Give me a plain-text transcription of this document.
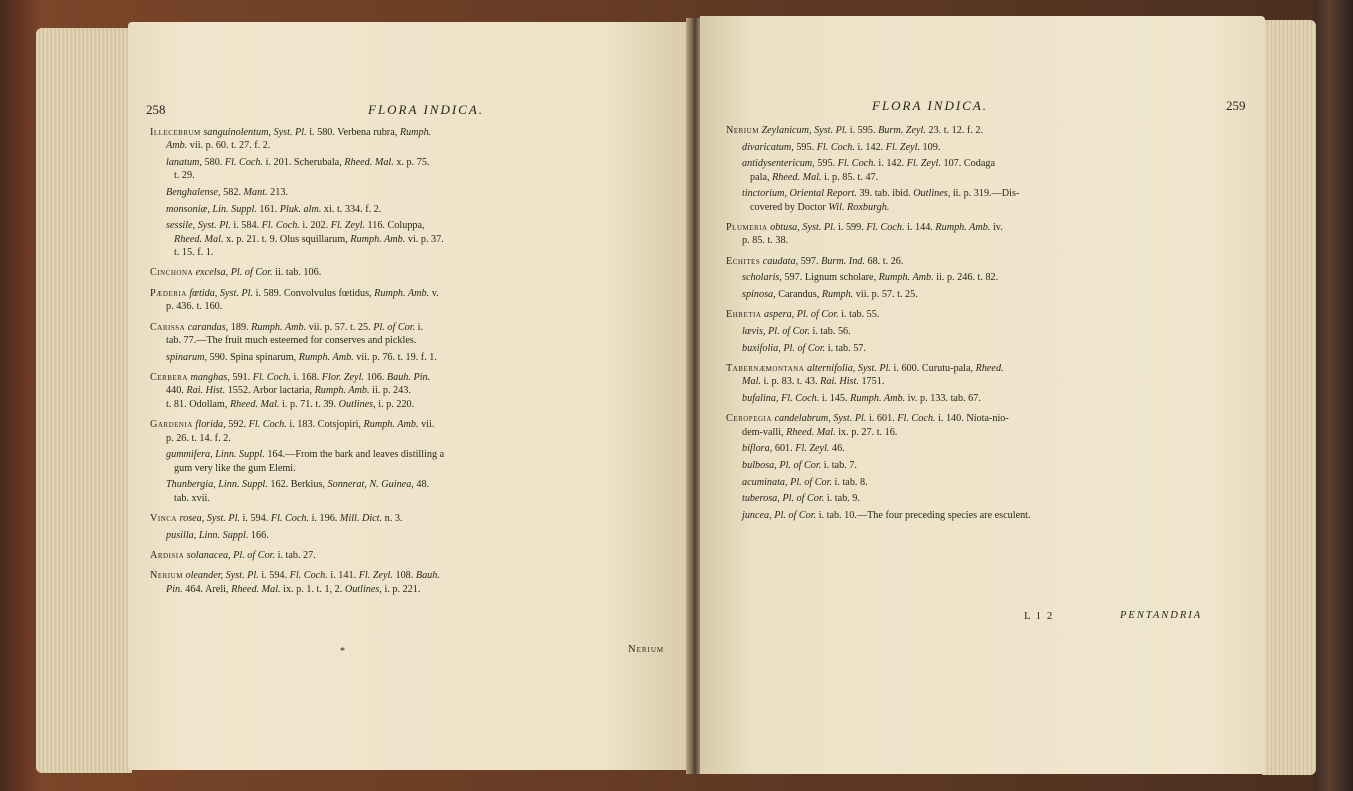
258	FLORA INDICA.
Illecebrum sanguinolentum, Syst. Pl. i. 580. Verbena rubra, Rumph.
Amb. vii. p. 60. t. 27. f. 2.
lanatum, 580. Fl. Coch. i. 201. Scherubala, Rheed. Mal. x. p. 75.
t. 29.
Benghalense, 582. Mant. 213.
monsoniæ, Lin. Suppl. 161. Pluk. alm. xi. t. 334. f. 2.
sessile, Syst. Pl. i. 584. Fl. Coch. i. 202. Fl. Zeyl. 116. Coluppa,
Rheed. Mal. x. p. 21. t. 9. Olus squillarum, Rumph. Amb. vi. p. 37.
t. 15. f. 1.
Cinchona excelsa, Pl. of Cor. ii. tab. 106.
Pæderia fœtida, Syst. Pl. i. 589. Convolvulus fœtidus, Rumph. Amb. v.
p. 436. t. 160.
Carissa carandas, 189. Rumph. Amb. vii. p. 57. t. 25. Pl. of Cor. i.
tab. 77.—The fruit much esteemed for conserves and pickles.
spinarum, 590. Spina spinarum, Rumph. Amb. vii. p. 76. t. 19. f. 1.
Cerbera manghas, 591. Fl. Coch. i. 168. Flor. Zeyl. 106. Bauh. Pin.
440. Rai. Hist. 1552. Arbor lactaria, Rumph. Amb. ii. p. 243.
t. 81. Odollam, Rheed. Mal. i. p. 71. t. 39. Outlines, i. p. 220.
Gardenia florida, 592. Fl. Coch. i. 183. Cotsjopiri, Rumph. Amb. vii.
p. 26. t. 14. f. 2.
gummifera, Linn. Suppl. 164.—From the bark and leaves distilling a
gum very like the gum Elemi.
Thunbergia, Linn. Suppl. 162. Berkius, Sonnerat, N. Guinea, 48.
tab. xvii.
Vinca rosea, Syst. Pl. i. 594. Fl. Coch. i. 196. Mill. Dict. n. 3.
pusilla, Linn. Suppl. 166.
Ardisia solanacea, Pl. of Cor. i. tab. 27.
Nerium oleander, Syst. Pl. i. 594. Fl. Coch. i. 141. Fl. Zeyl. 108. Bauh.
Pin. 464. Areli, Rheed. Mal. ix. p. 1. t. 1, 2. Outlines, i. p. 221.
*	Nerium
FLORA INDICA.	259
Nerium Zeylanicum, Syst. Pl. i. 595. Burm. Zeyl. 23. t. 12. f. 2.
divaricatum, 595. Fl. Coch. i. 142. Fl. Zeyl. 109.
antidysentericum, 595. Fl. Coch. i. 142. Fl. Zeyl. 107. Codaga
pala, Rheed. Mal. i. p. 85. t. 47.
tinctorium, Oriental Report. 39. tab. ibid. Outlines, ii. p. 319.—Dis-
covered by Doctor Wil. Roxburgh.
Plumeria obtusa, Syst. Pl. i. 599. Fl. Coch. i. 144. Rumph. Amb. iv.
p. 85. t. 38.
Echites caudata, 597. Burm. Ind. 68. t. 26.
scholaris, 597. Lignum scholare, Rumph. Amb. ii. p. 246. t. 82.
spinosa, Carandus, Rumph. vii. p. 57. t. 25.
Ehretia aspera, Pl. of Cor. i. tab. 55.
lævis, Pl. of Cor. i. tab. 56.
buxifolia, Pl. of Cor. i. tab. 57.
Tabernæmontana alternifolia, Syst. Pl. i. 600. Curutu-pala, Rheed.
Mal. i. p. 83. t. 43. Rai. Hist. 1751.
bufalina, Fl. Coch. i. 145. Rumph. Amb. iv. p. 133. tab. 67.
Ceropegia candelabrum, Syst. Pl. i. 601. Fl. Coch. i. 140. Niota-nio-
dem-valli, Rheed. Mal. ix. p. 27. t. 16.
biflora, 601. Fl. Zeyl. 46.
bulbosa, Pl. of Cor. i. tab. 7.
acuminata, Pl. of Cor. i. tab. 8.
tuberosa, Pl. of Cor. i. tab. 9.
juncea, Pl. of Cor. i. tab. 10.—The four preceding species are esculent.
L l 2	PENTANDRIA
